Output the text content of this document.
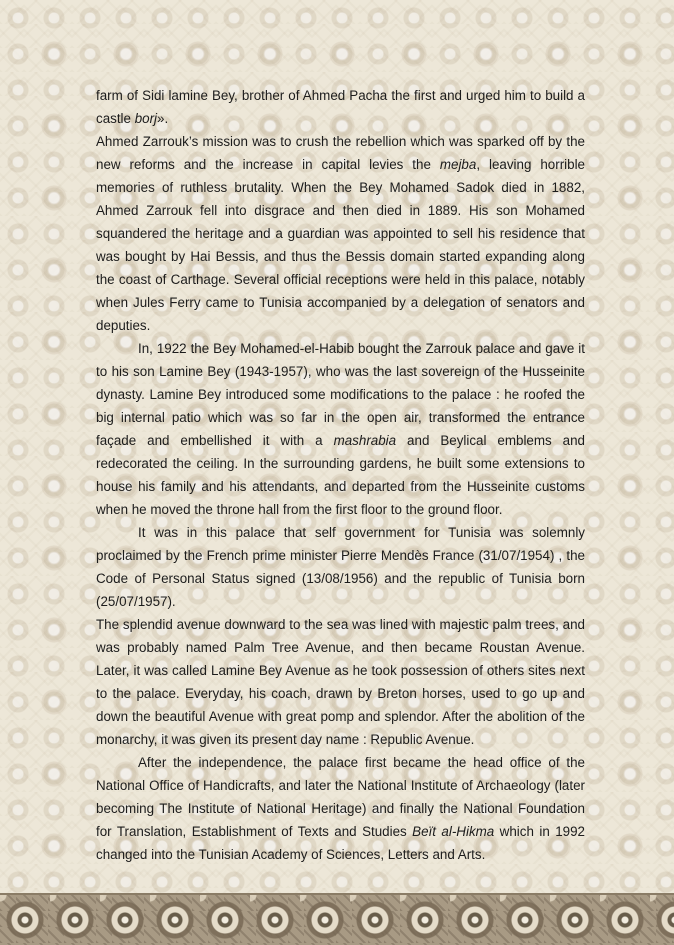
farm of Sidi lamine Bey, brother of Ahmed Pacha the first and urged him to build a castle borj».

Ahmed Zarrouk’s mission was to crush the rebellion which was sparked off by the new reforms and the increase in capital levies the mejba, leaving horrible memories of ruthless brutality. When the Bey Mohamed Sadok died in 1882, Ahmed Zarrouk fell into disgrace and then died in 1889. His son Mohamed squandered the heritage and a guardian was appointed to sell his residence that was bought by Hai Bessis, and thus the Bessis domain started expanding along the coast of Carthage. Several official receptions were held in this palace, notably when Jules Ferry came to Tunisia accompanied by a delegation of senators and deputies.

In, 1922 the Bey Mohamed-el-Habib bought the Zarrouk palace and gave it to his son Lamine Bey (1943-1957), who was the last sovereign of the Husseinite dynasty. Lamine Bey introduced some modifications to the palace : he roofed the big internal patio which was so far in the open air, transformed the entrance façade and embellished it with a mashrabia and Beylical emblems and redecorated the ceiling. In the surrounding gardens, he built some extensions to house his family and his attendants, and departed from the Husseinite customs when he moved the throne hall from the first floor to the ground floor.

It was in this palace that self government for Tunisia was solemnly proclaimed by the French prime minister Pierre Mendès France (31/07/1954) , the Code of Personal Status signed (13/08/1956) and the republic of Tunisia born (25/07/1957).

The splendid avenue downward to the sea was lined with majestic palm trees, and was probably named Palm Tree Avenue, and then became Roustan Avenue. Later, it was called Lamine Bey Avenue as he took possession of others sites next to the palace. Everyday, his coach, drawn by Breton horses, used to go up and down the beautiful Avenue with great pomp and splendor. After the abolition of the monarchy, it was given its present day name : Republic Avenue.

After the independence, the palace first became the head office of the National Office of Handicrafts, and later the National Institute of Archaeology (later becoming The Institute of National Heritage) and finally the National Foundation for Translation, Establishment of Texts and Studies Beït al-Hikma which in 1992 changed into the Tunisian Academy of Sciences, Letters and Arts.
